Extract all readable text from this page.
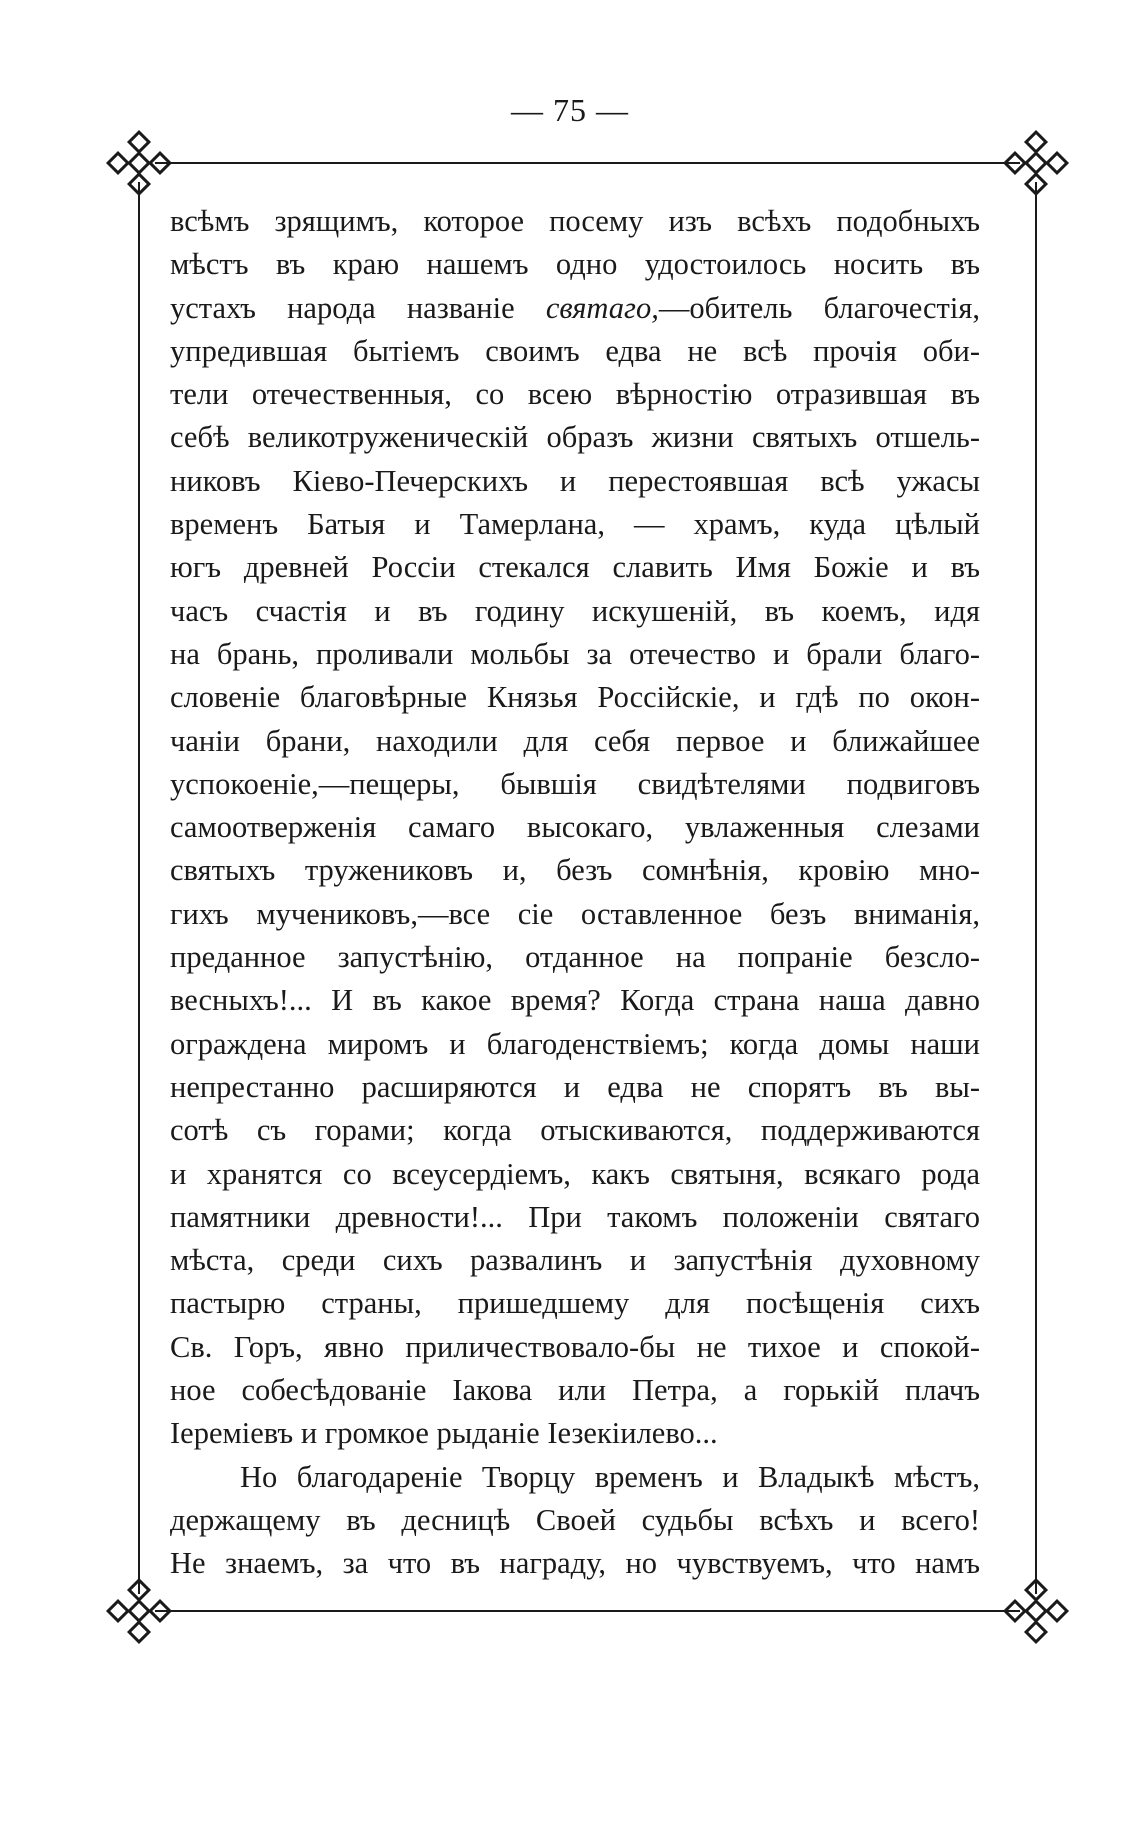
— 75 —
всѣмъ зрящимъ, которое посему изъ всѣхъ подобныхъ
мѣстъ въ краю нашемъ одно удостоилось носить въ
устахъ народа названіе святаго,—обитель благочестія,
упредившая бытіемъ своимъ едва не всѣ прочія оби-
тели отечественныя, со всею вѣрностію отразившая въ
себѣ великотруженическій образъ жизни святыхъ отшель-
никовъ Кіево-Печерскихъ и перестоявшая всѣ ужасы
временъ Батыя и Тамерлана, — храмъ, куда цѣлый
югъ древней Россіи стекался славить Имя Божіе и въ
часъ счастія и въ годину искушеній, въ коемъ, идя
на брань, проливали мольбы за отечество и брали благо-
словеніе благовѣрные Князья Россійскіе, и гдѣ по окон-
чаніи брани, находили для себя первое и ближайшее
успокоеніе,—пещеры, бывшія свидѣтелями подвиговъ
самоотверженія самаго высокаго, увлаженныя слезами
святыхъ тружениковъ и, безъ сомнѣнія, кровію мно-
гихъ мучениковъ,—все сіе оставленное безъ вниманія,
преданное запустѣнію, отданное на попраніе безсло-
весныхъ!... И въ какое время? Когда страна наша давно
ограждена миромъ и благоденствіемъ; когда домы наши
непрестанно расширяются и едва не спорятъ въ вы-
сотѣ съ горами; когда отыскиваются, поддерживаются
и хранятся со всеусердіемъ, какъ святыня, всякаго рода
памятники древности!... При такомъ положеніи святаго
мѣста, среди сихъ развалинъ и запустѣнія духовному
пастырю страны, пришедшему для посѣщенія сихъ
Св. Горъ, явно приличествовало-бы не тихое и спокой-
ное собесѣдованіе Іакова или Петра, а горькій плачъ
Іереміевъ и громкое рыданіе Іезекіилево...
Но благодареніе Творцу временъ и Владыкѣ мѣстъ,
держащему въ десницѣ Своей судьбы всѣхъ и всего!
Не знаемъ, за что въ награду, но чувствуемъ, что намъ
